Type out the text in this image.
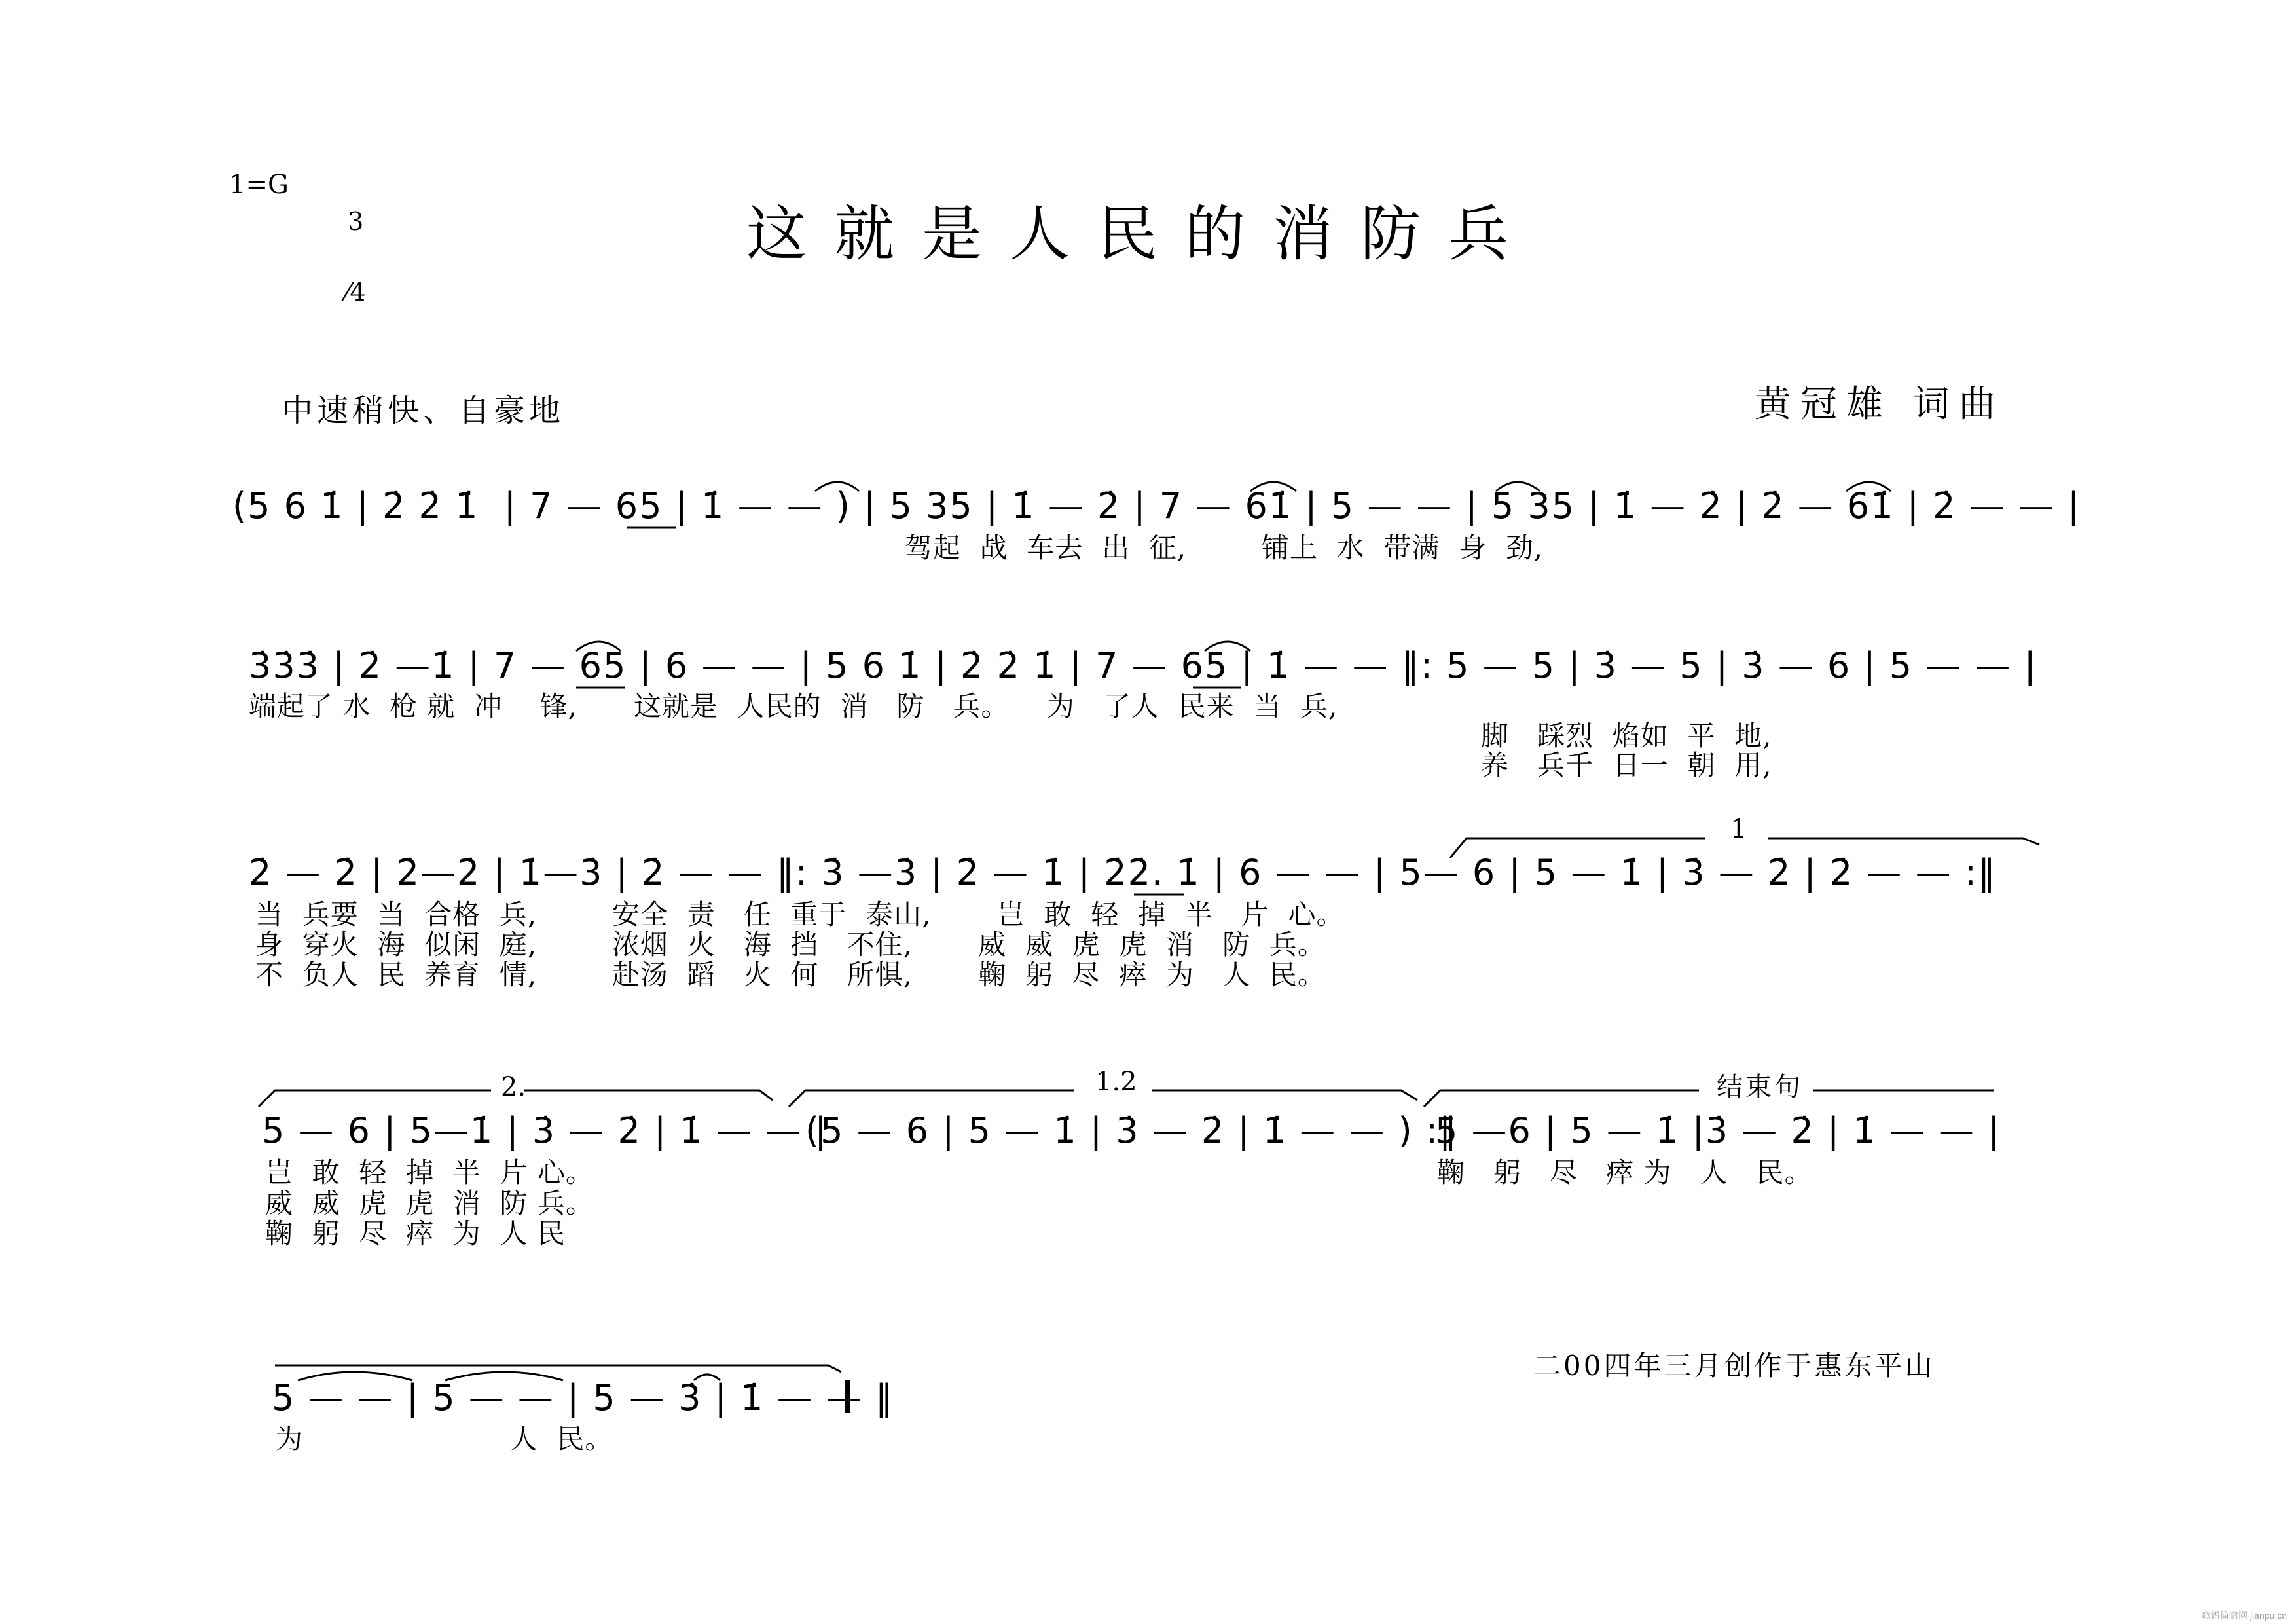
1=G

3

⁄4

这就是人民的消防兵
中速稍快、自豪地	黄冠雄 词曲
(5 6 1̇ | 2̇ 2̇ 1̇  | 7 — 65 | 1̇ — — ) | 5 35 | 1̇ — 2̇ | 7 — 61̇ | 5 — — | 5 35 | 1̇ — 2̇ | 2̇ — 61̇ | 2̇ — — |
驾起  战  车去  出  征,        铺上  水  带满  身  劲,
3̇3̇3̇ | 2̇ —1̇ | 7 — 65 | 6 — — | 5 6 1̇ | 2̇ 2̇ 1̇ | 7 — 65 | 1̇ — — ‖: 5 — 5 | 3̇ — 5 | 3̇ — 6 | 5 — — |
端起了 水  枪 就  冲    锋,      这就是  人民的  消   防   兵。    为   了人  民来  当  兵,
脚   踩烈  焰如  平  地,
养   兵千  日一  朝  用,
2̇ — 2̇ | 2̇—2̇ | 1̇—3̇ | 2̇ — — ‖: 3̇ —3̇ | 2̇ — 1̇ | 2̇2̇. 1̇ | 6 — — | 5— 6 | 5 — 1̇ | 3̇ — 2̇ | 2̇ — — :‖
1
当  兵要  当  合格  兵,        安全  责   任  重于  泰山,       岂  敢  轻  掉  半   片  心。
身  穿火  海  似闲  庭,        浓烟  火   海  挡   不住,       威  威  虎  虎  消   防  兵。
不  负人  民  养育  情,        赴汤  蹈   火  何   所惧,       鞠  躬  尽  瘁  为   人  民。
2.	1.2	结束句
5 — 6 | 5—1̇ | 3̇ — 2̇ | 1̇ — — |
(5 — 6 | 5 — 1̇ | 3̇ — 2̇ | 1̇ — — ) :‖
5 —6 | 5 — 1̇ |3̇ — 2̇ | 1̇ — — |
岂  敢  轻  掉  半  片 心。
威  威  虎  虎  消  防 兵。
鞠  躬  尽  瘁  为  人 民
鞠   躬   尽   瘁 为   人   民。
5 — — | 5 — — | 5 — 3̇ | 1̇ — — ‖
为                      人  民。
二00四年三月创作于惠东平山
歌谱简谱网 jianpu.cn
